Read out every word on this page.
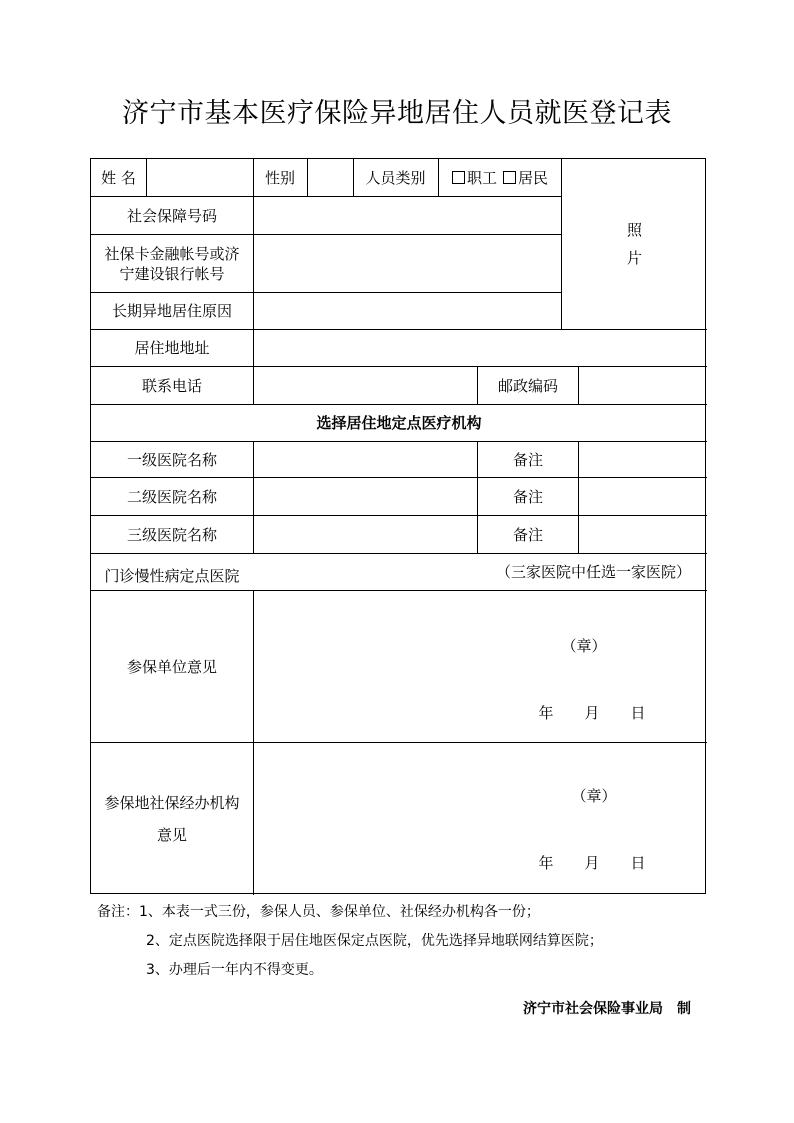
济宁市基本医疗保险异地居住人员就医登记表
姓 名	性别	人员类别	职工	居民
照
片
社会保障号码
社保卡金融帐号或济
宁建设银行帐号
长期异地居住原因
居住地地址
联系电话	邮政编码
选择居住地定点医疗机构
一级医院名称	备注
二级医院名称	备注
三级医院名称	备注
门诊慢性病定点医院	（三家医院中任选一家医院）
参保单位意见
（章）
年	月	日
参保地社保经办机构
意见
（章）
年	月	日
备注：1、本表一式三份，参保人员、参保单位、社保经办机构各一份；
2、定点医院选择限于居住地医保定点医院，优先选择异地联网结算医院；
3、办理后一年内不得变更。
济宁市社会保险事业局　制
